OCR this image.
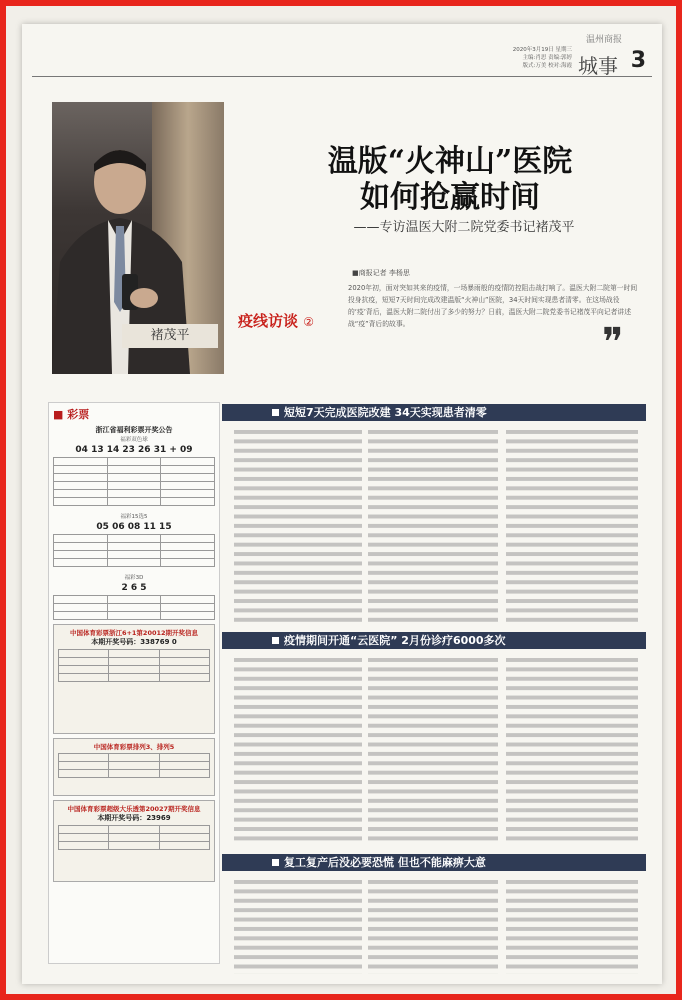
温州商报
2020年3月19日 星期三
主编:肖思 责编:郭婷
版式:万美 校对:海霞 城事 3
褚茂平
疫线访谈 ②
温版“火神山”医院
如何抢赢时间
——专访温医大附二院党委书记褚茂平
■商报记者 李杨思
2020年初，面对突如其来的疫情，一场暴雨般的疫情防控阻击战打响了。温医大附二院第一时间投身抗疫，短短7天时间完成改建温版“火神山”医院，34天时间实现患者清零。在这场战役的‘疫’背后，温医大附二院付出了多少的努力？日前，温医大附二院党委书记褚茂平向记者讲述战“疫”背后的故事。	❞
短短7天完成医院改建 34天实现患者清零
疫情期间开通“云医院” 2月份诊疗6000多次
复工复产后没必要恐慌 但也不能麻痹大意
■ 彩票
浙江省福利彩票开奖公告
福彩双色球
04 13 14 23 26 31 + 09
福彩15选5
05 06 08 11 15
福彩3D
2 6 5
中国体育彩票浙江6+1第20012期开奖信息
本期开奖号码：338769 0
中国体育彩票排列3、排列5
中国体育彩票超级大乐透第20027期开奖信息
本期开奖号码：23969
